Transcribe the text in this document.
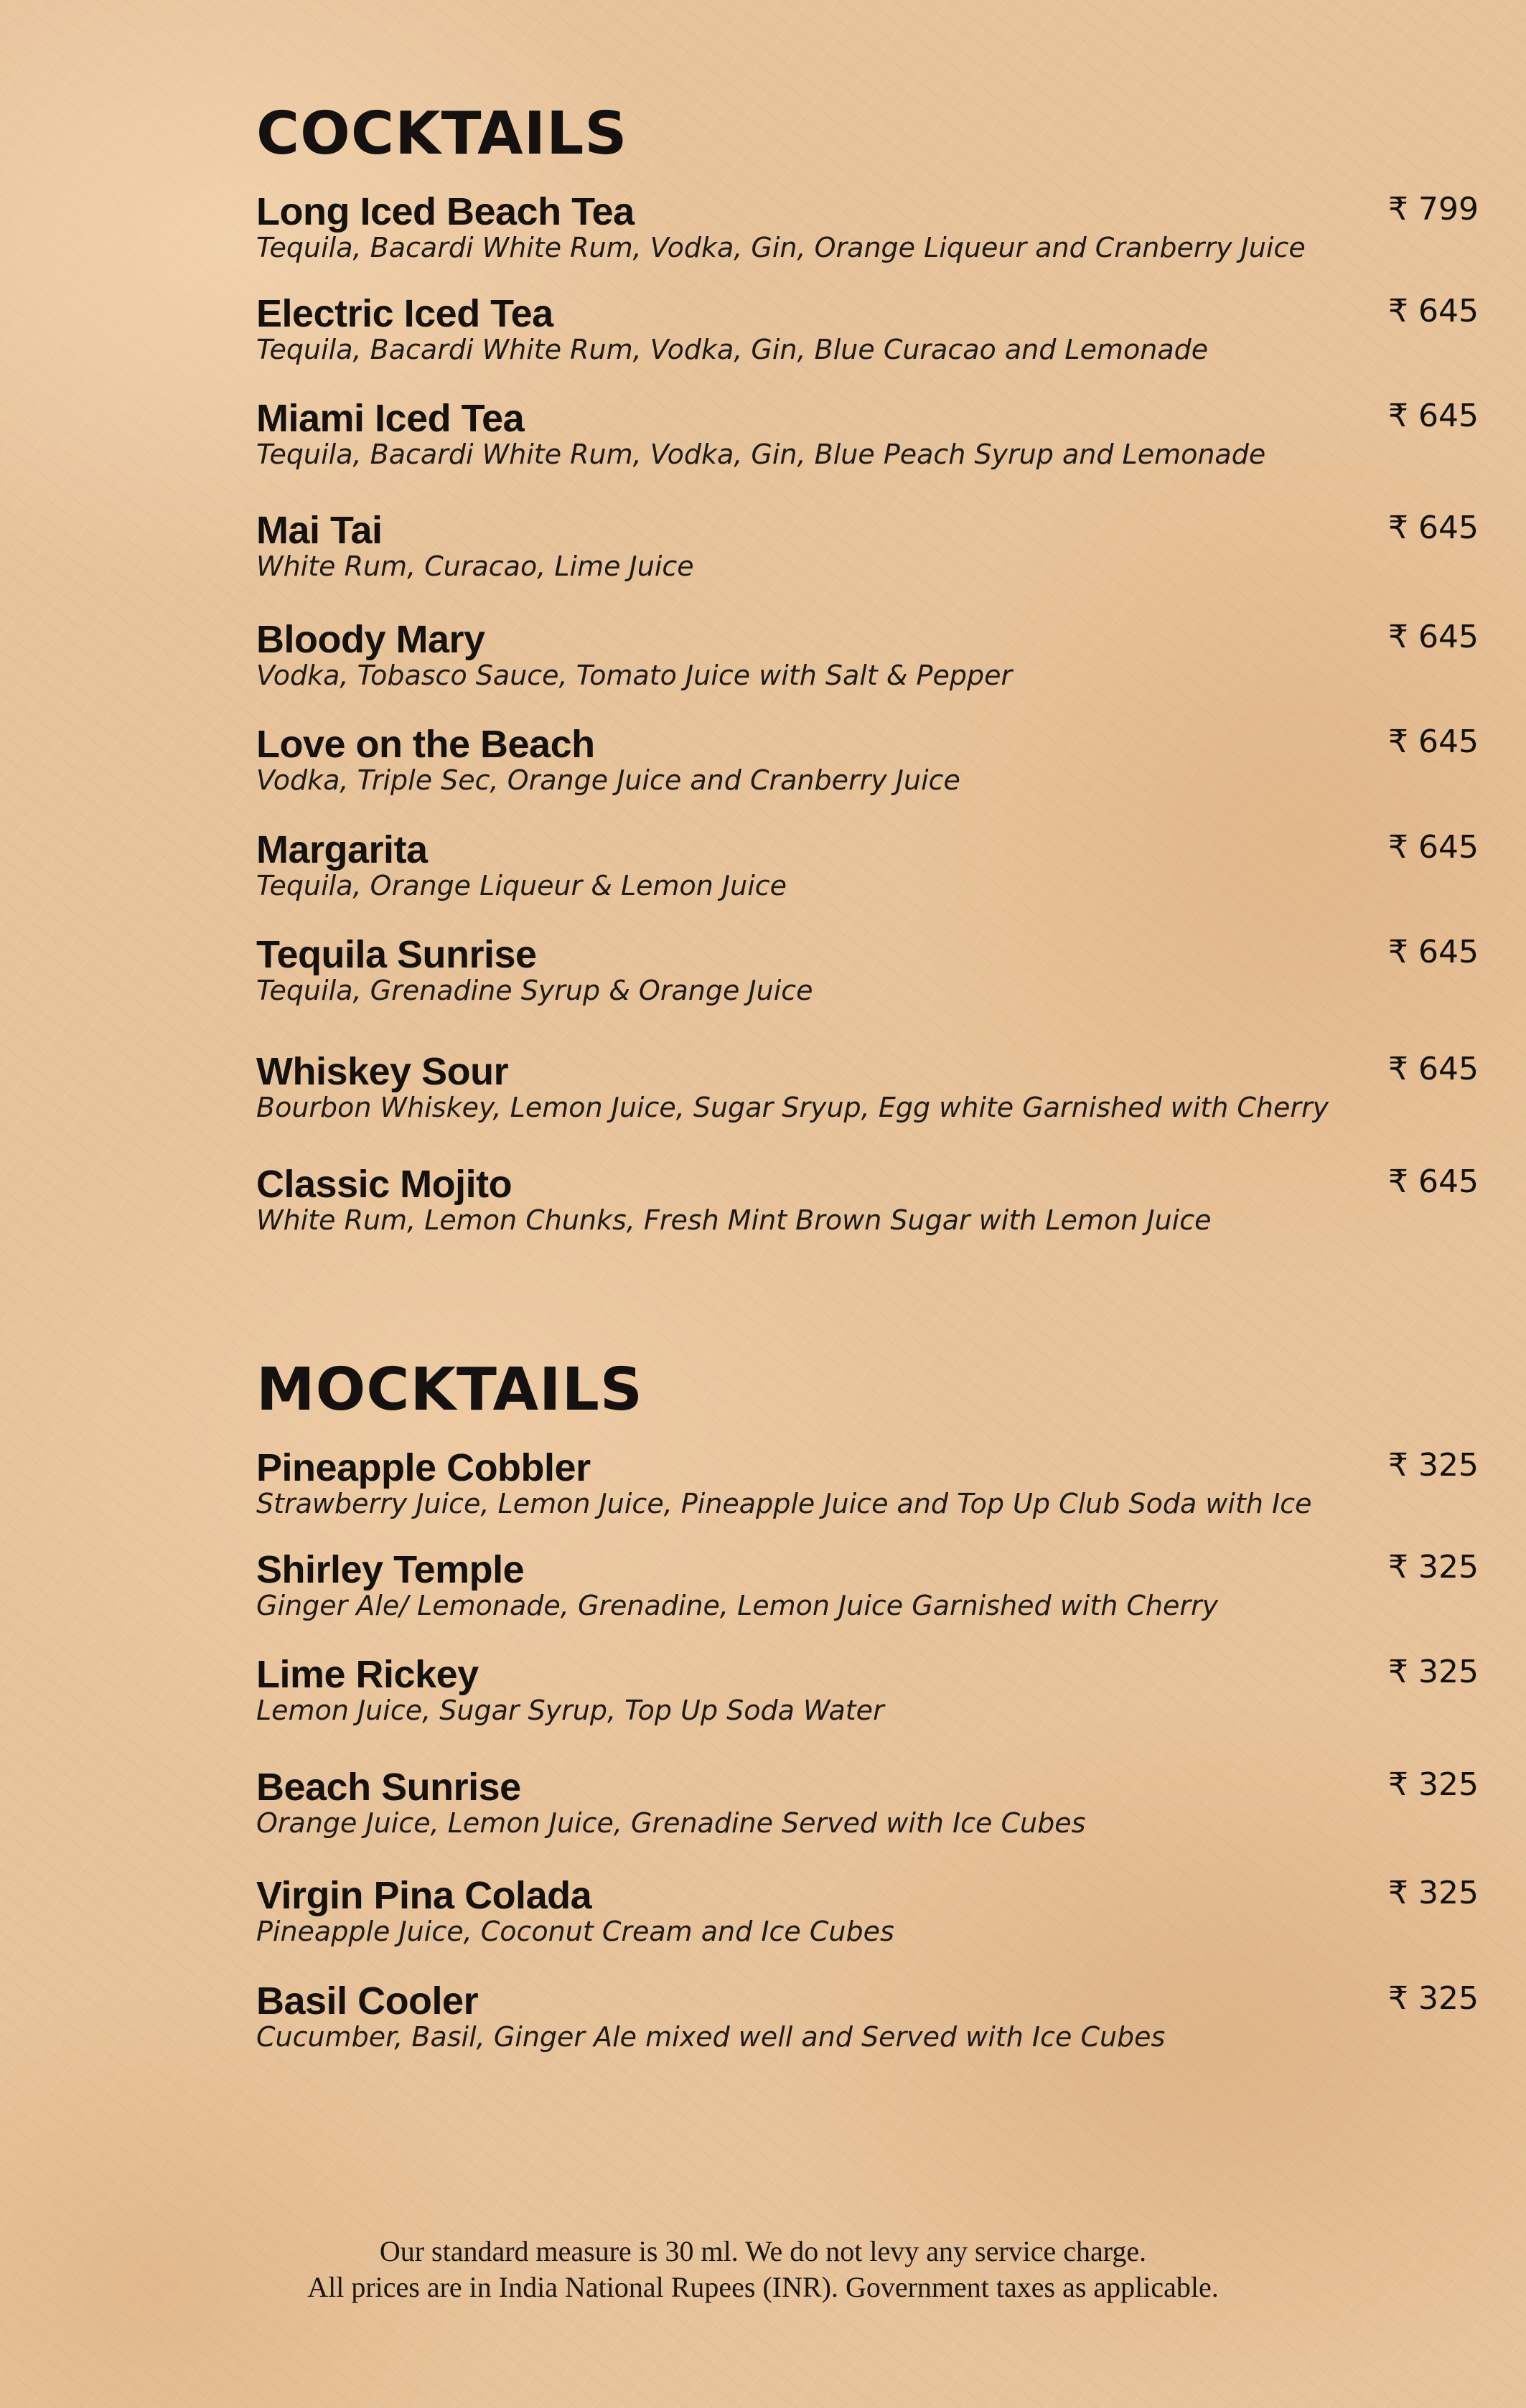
COCKTAILS
Long Iced Beach Tea
Tequila, Bacardi White Rum, Vodka, Gin, Orange Liqueur and Cranberry Juice
₹ 799
Electric Iced Tea
Tequila, Bacardi White Rum, Vodka, Gin, Blue Curacao and Lemonade
₹ 645
Miami Iced Tea
Tequila, Bacardi White Rum, Vodka, Gin, Blue Peach Syrup and Lemonade
₹ 645
Mai Tai
White Rum, Curacao, Lime Juice
₹ 645
Bloody Mary
Vodka, Tobasco Sauce, Tomato Juice with Salt & Pepper
₹ 645
Love on the Beach
Vodka, Triple Sec, Orange Juice and Cranberry Juice
₹ 645
Margarita
Tequila, Orange Liqueur & Lemon Juice
₹ 645
Tequila Sunrise
Tequila, Grenadine Syrup & Orange Juice
₹ 645
Whiskey Sour
Bourbon Whiskey, Lemon Juice, Sugar Sryup, Egg white Garnished with Cherry
₹ 645
Classic Mojito
White Rum, Lemon Chunks, Fresh Mint Brown Sugar with Lemon Juice
₹ 645
MOCKTAILS
Pineapple Cobbler
Strawberry Juice, Lemon Juice, Pineapple Juice and Top Up Club Soda with Ice
₹ 325
Shirley Temple
Ginger Ale/ Lemonade, Grenadine, Lemon Juice Garnished with Cherry
₹ 325
Lime Rickey
Lemon Juice, Sugar Syrup, Top Up Soda Water
₹ 325
Beach Sunrise
Orange Juice, Lemon Juice, Grenadine Served with Ice Cubes
₹ 325
Virgin Pina Colada
Pineapple Juice, Coconut Cream and Ice Cubes
₹ 325
Basil Cooler
Cucumber, Basil, Ginger Ale mixed well and Served with Ice Cubes
₹ 325
Our standard measure is 30 ml. We do not levy any service charge.
All prices are in India National Rupees (INR). Government taxes as applicable.
